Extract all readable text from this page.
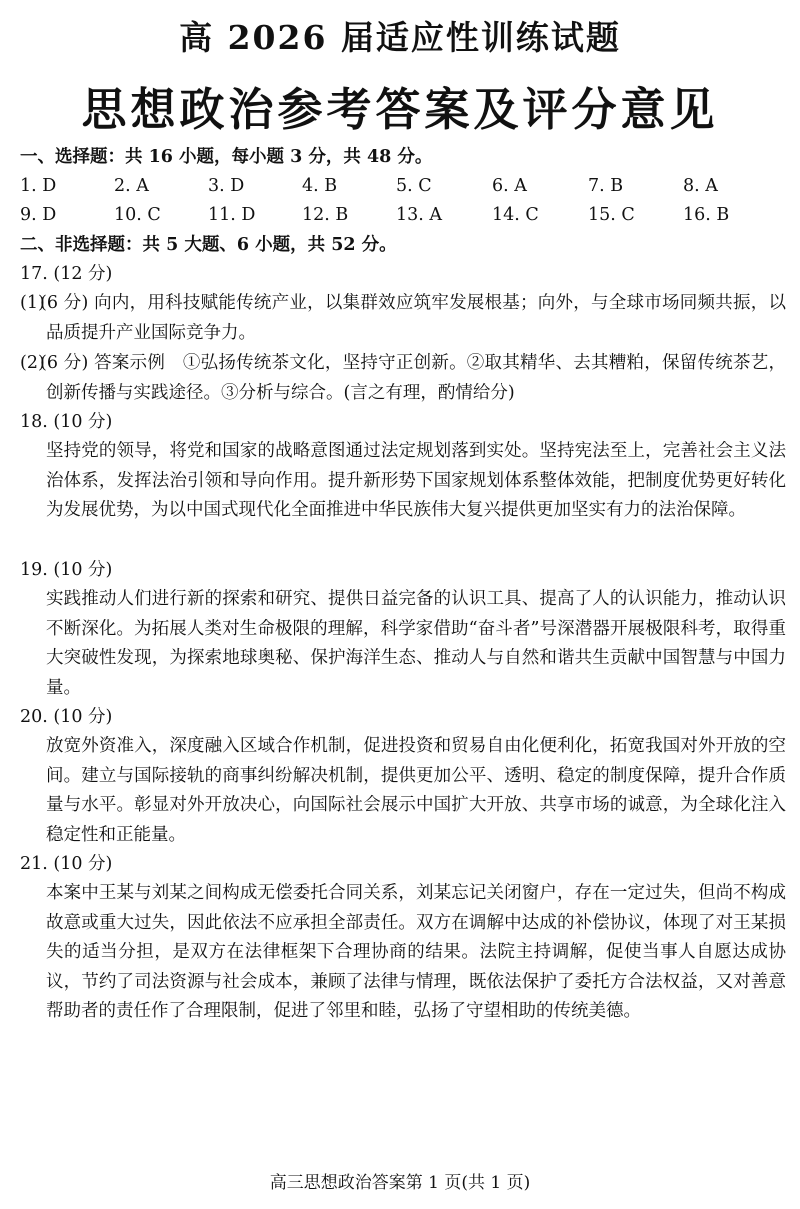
高 2026 届适应性训练试题
思想政治参考答案及评分意见
一、选择题：共 16 小题，每小题 3 分，共 48 分。
1. D	2. A	3. D	4. B	5. C	6. A	7. B	8. A
9. D	10. C	11. D	12. B	13. A	14. C	15. C	16. B
二、非选择题：共 5 大题、6 小题，共 52 分。
17. (12 分)
(1)
(6 分) 向内，用科技赋能传统产业，以集群效应筑牢发展根基；向外，与全球市场同频共振，以品质提升产业国际竞争力。
(2)
(6 分) 答案示例　①弘扬传统茶文化，坚持守正创新。②取其精华、去其糟粕，保留传统茶艺，创新传播与实践途径。③分析与综合。(言之有理，酌情给分)
18. (10 分)
坚持党的领导，将党和国家的战略意图通过法定规划落到实处。坚持宪法至上，完善社会主义法治体系，发挥法治引领和导向作用。提升新形势下国家规划体系整体效能，把制度优势更好转化为发展优势，为以中国式现代化全面推进中华民族伟大复兴提供更加坚实有力的法治保障。
19. (10 分)
实践推动人们进行新的探索和研究、提供日益完备的认识工具、提高了人的认识能力，推动认识不断深化。为拓展人类对生命极限的理解，科学家借助“奋斗者”号深潜器开展极限科考，取得重大突破性发现，为探索地球奥秘、保护海洋生态、推动人与自然和谐共生贡献中国智慧与中国力量。
20. (10 分)
放宽外资准入，深度融入区域合作机制，促进投资和贸易自由化便利化，拓宽我国对外开放的空间。建立与国际接轨的商事纠纷解决机制，提供更加公平、透明、稳定的制度保障，提升合作质量与水平。彰显对外开放决心，向国际社会展示中国扩大开放、共享市场的诚意，为全球化注入稳定性和正能量。
21. (10 分)
本案中王某与刘某之间构成无偿委托合同关系，刘某忘记关闭窗户，存在一定过失，但尚不构成故意或重大过失，因此依法不应承担全部责任。双方在调解中达成的补偿协议，体现了对王某损失的适当分担，是双方在法律框架下合理协商的结果。法院主持调解，促使当事人自愿达成协议，节约了司法资源与社会成本，兼顾了法律与情理，既依法保护了委托方合法权益，又对善意帮助者的责任作了合理限制，促进了邻里和睦，弘扬了守望相助的传统美德。
高三思想政治答案第 1 页(共 1 页)
